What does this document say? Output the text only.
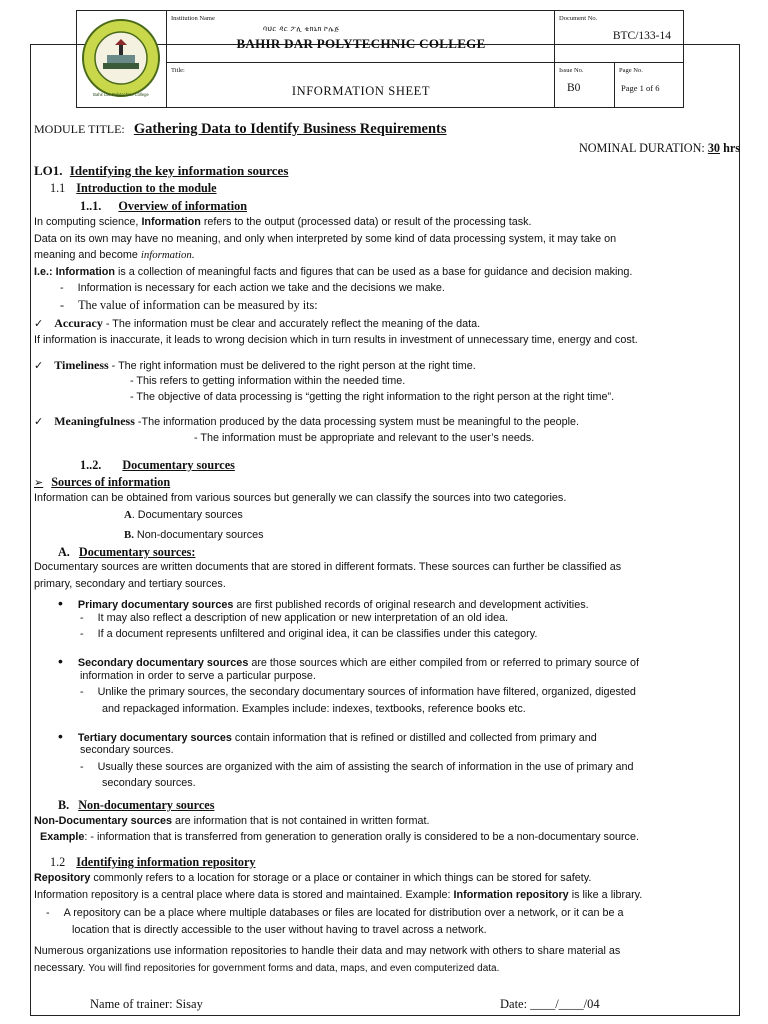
Bahir Dar Polytechnic College
Institution Name
ባህር ዳር ፖሊ ቴክኒክ ኮሌጅ
BAHIR DAR POLYTECHNIC COLLEGE
Title:
INFORMATION SHEET
Document No.
BTC/133-14
Issue No.
B0
Page No.
Page 1 of 6
MODULE TITLE: Gathering Data to Identify Business Requirements
NOMINAL DURATION: 30 hrs
LO1. Identifying the key information sources
1.1 Introduction to the module
1..1. Overview of information
In computing science, Information refers to the output (processed data) or result of the processing task.
Data on its own may have no meaning, and only when interpreted by some kind of data processing system, it may take on
meaning and become information.
I.e.: Information is a collection of meaningful facts and figures that can be used as a base for guidance and decision making.
- Information is necessary for each action we take and the decisions we make.
- The value of information can be measured by its:
✓ Accuracy - The information must be clear and accurately reflect the meaning of the data.
If information is inaccurate, it leads to wrong decision which in turn results in investment of unnecessary time, energy and cost.
✓ Timeliness - The right information must be delivered to the right person at the right time.
- This refers to getting information within the needed time.
- The objective of data processing is “getting the right information to the right person at the right time”.
✓ Meaningfulness -The information produced by the data processing system must be meaningful to the people.
- The information must be appropriate and relevant to the user’s needs.
1..2. Documentary sources
➢ Sources of information
Information can be obtained from various sources but generally we can classify the sources into two categories.
A. Documentary sources
B. Non-documentary sources
A. Documentary sources:
Documentary sources are written documents that are stored in different formats. These sources can further be classified as
primary, secondary and tertiary sources.
• Primary documentary sources are first published records of original research and development activities.
- It may also reflect a description of new application or new interpretation of an old idea.
- If a document represents unfiltered and original idea, it can be classifies under this category.
• Secondary documentary sources are those sources which are either compiled from or referred to primary source of
information in order to serve a particular purpose.
- Unlike the primary sources, the secondary documentary sources of information have filtered, organized, digested
and repackaged information. Examples include: indexes, textbooks, reference books etc.
• Tertiary documentary sources contain information that is refined or distilled and collected from primary and
secondary sources.
- Usually these sources are organized with the aim of assisting the search of information in the use of primary and
secondary sources.
B. Non-documentary sources
Non-Documentary sources are information that is not contained in written format.
Example: - information that is transferred from generation to generation orally is considered to be a non-documentary source.
1.2 Identifying information repository
Repository commonly refers to a location for storage or a place or container in which things can be stored for safety.
Information repository is a central place where data is stored and maintained. Example: Information repository is like a library.
- A repository can be a place where multiple databases or files are located for distribution over a network, or it can be a
location that is directly accessible to the user without having to travel across a network.
Numerous organizations use information repositories to handle their data and may network with others to share material as
necessary. You will find repositories for government forms and data, maps, and even computerized data.
Name of trainer: Sisay	Date: ____/____/04
